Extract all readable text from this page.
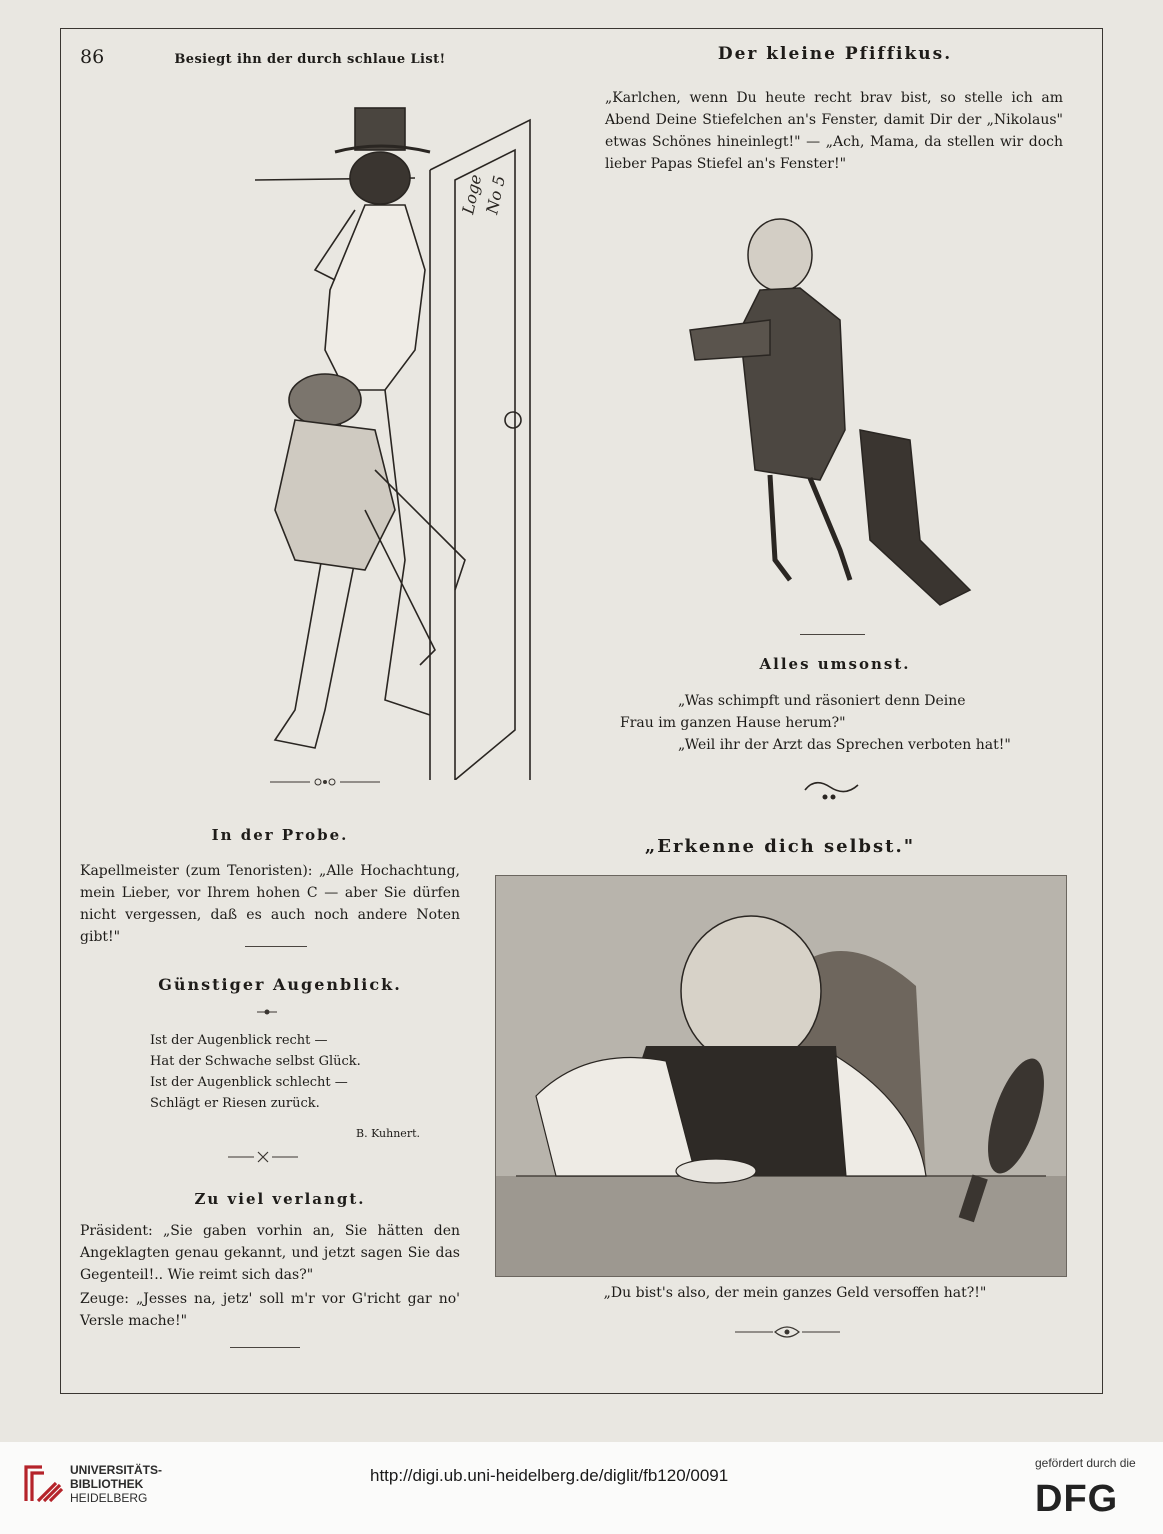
86	Besiegt ihn der durch schlaue List!

Loge
No 5

Der kleine Pfiffikus.

„Karlchen, wenn Du heute recht brav bist, so stelle ich am Abend Deine Stiefelchen an's Fenster, damit Dir der „Nikolaus" etwas Schönes hineinlegt!" — „Ach, Mama, da stellen wir doch lieber Papas Stiefel an's Fenster!"

Alles umsonst.

„Was schimpft und räsoniert denn Deine

Frau im ganzen Hause herum?"

„Weil ihr der Arzt das Sprechen verboten hat!"

„Erkenne dich selbst."

„Du bist's also, der mein ganzes Geld versoffen hat?!"

In der Probe.

Kapellmeister (zum Tenoristen): „Alle Hochachtung, mein Lieber, vor Ihrem hohen C — aber Sie dürfen nicht vergessen, daß es auch noch andere Noten gibt!"

Günstiger Augenblick.

Ist der Augenblick recht —
Hat der Schwache selbst Glück.
Ist der Augenblick schlecht —
Schlägt er Riesen zurück.

B. Kuhnert.

Zu viel verlangt.

Präsident: „Sie gaben vorhin an, Sie hätten den Angeklagten genau gekannt, und jetzt sagen Sie das Gegenteil!.. Wie reimt sich das?"

Zeuge: „Jesses na, jetz' soll m'r vor G'richt gar no' Versle mache!"

UNIVERSITÄTS-
BIBLIOTHEK
HEIDELBERG
http://digi.ub.uni-heidelberg.de/diglit/fb120/0091
gefördert durch die
DFG
